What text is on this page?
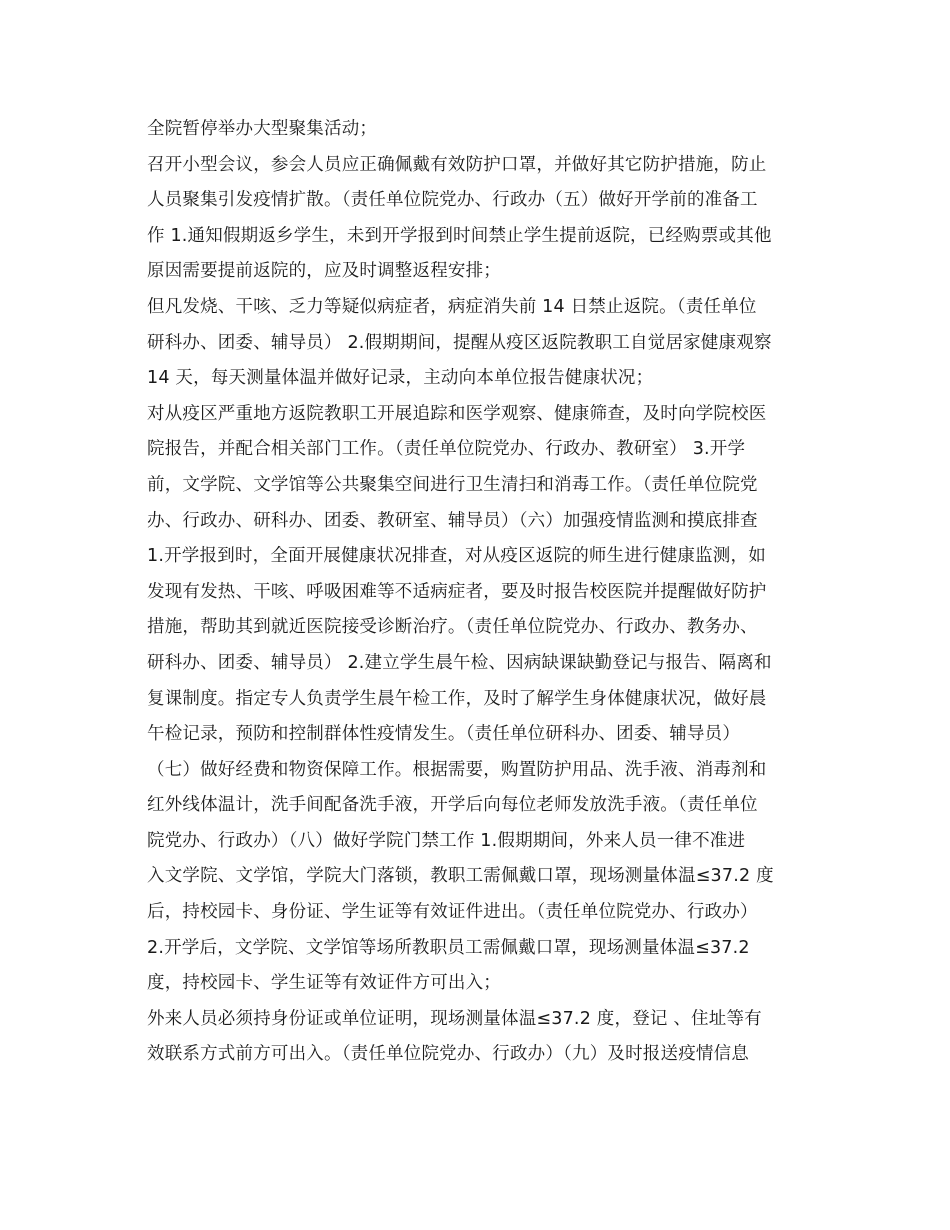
全院暂停举办大型聚集活动；
召开小型会议，参会人员应正确佩戴有效防护口罩，并做好其它防护措施，防止
人员聚集引发疫情扩散。（责任单位院党办、行政办（五）做好开学前的准备工
作 1.通知假期返乡学生，未到开学报到时间禁止学生提前返院，已经购票或其他
原因需要提前返院的，应及时调整返程安排；
但凡发烧、干咳、乏力等疑似病症者，病症消失前 14 日禁止返院。（责任单位
研科办、团委、辅导员） 2.假期期间，提醒从疫区返院教职工自觉居家健康观察
14 天，每天测量体温并做好记录，主动向本单位报告健康状况；
对从疫区严重地方返院教职工开展追踪和医学观察、健康筛查，及时向学院校医
院报告，并配合相关部门工作。（责任单位院党办、行政办、教研室） 3.开学
前，文学院、文学馆等公共聚集空间进行卫生清扫和消毒工作。（责任单位院党
办、行政办、研科办、团委、教研室、辅导员）（六）加强疫情监测和摸底排查
1.开学报到时，全面开展健康状况排查，对从疫区返院的师生进行健康监测，如
发现有发热、干咳、呼吸困难等不适病症者，要及时报告校医院并提醒做好防护
措施，帮助其到就近医院接受诊断治疗。（责任单位院党办、行政办、教务办、
研科办、团委、辅导员） 2.建立学生晨午检、因病缺课缺勤登记与报告、隔离和
复课制度。指定专人负责学生晨午检工作，及时了解学生身体健康状况，做好晨
午检记录，预防和控制群体性疫情发生。（责任单位研科办、团委、辅导员）
（七）做好经费和物资保障工作。根据需要，购置防护用品、洗手液、消毒剂和
红外线体温计，洗手间配备洗手液，开学后向每位老师发放洗手液。（责任单位
院党办、行政办）（八）做好学院门禁工作 1.假期期间，外来人员一律不准进
入文学院、文学馆，学院大门落锁，教职工需佩戴口罩，现场测量体温≤37.2 度
后，持校园卡、身份证、学生证等有效证件进出。（责任单位院党办、行政办）
2.开学后，文学院、文学馆等场所教职员工需佩戴口罩，现场测量体温≤37.2
度，持校园卡、学生证等有效证件方可出入；
外来人员必须持身份证或单位证明，现场测量体温≤37.2 度，登记 、住址等有
效联系方式前方可出入。（责任单位院党办、行政办）（九）及时报送疫情信息
